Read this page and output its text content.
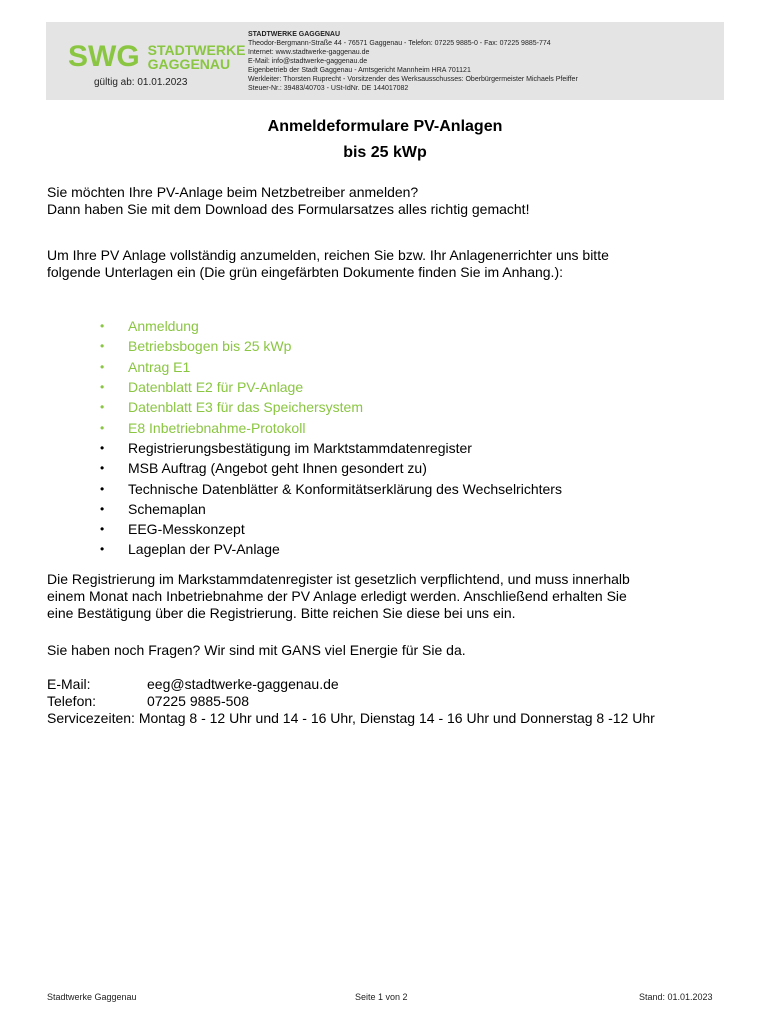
SWG STADTWERKE
GAGGENAU
gültig ab: 01.01.2023
STADTWERKE GAGGENAU
Theodor-Bergmann-Straße 44 - 76571 Gaggenau - Telefon: 07225 9885-0 - Fax: 07225 9885-774
Internet: www.stadtwerke-gaggenau.de
E-Mail: info@stadtwerke-gaggenau.de
Eigenbetrieb der Stadt Gaggenau - Amtsgericht Mannheim HRA 701121
Werkleiter: Thorsten Ruprecht - Vorsitzender des Werksausschusses: Oberbürgermeister Michaels Pfeiffer
Steuer-Nr.: 39483/40703 - USt-IdNr. DE 144017082
Anmeldeformulare PV-Anlagen
bis 25 kWp
Sie möchten Ihre PV-Anlage beim Netzbetreiber anmelden?
Dann haben Sie mit dem Download des Formularsatzes alles richtig gemacht!
Um Ihre PV Anlage vollständig anzumelden, reichen Sie bzw. Ihr Anlagenerrichter uns bitte
folgende Unterlagen ein (Die grün eingefärbten Dokumente finden Sie im Anhang.):
•	Anmeldung
•	Betriebsbogen bis 25 kWp
•	Antrag E1
•	Datenblatt E2 für PV-Anlage
•	Datenblatt E3 für das Speichersystem
•	E8 Inbetriebnahme-Protokoll
•	Registrierungsbestätigung im Marktstammdatenregister
•	MSB Auftrag (Angebot geht Ihnen gesondert zu)
•	Technische Datenblätter & Konformitätserklärung des Wechselrichters
•	Schemaplan
•	EEG-Messkonzept
•	Lageplan der PV-Anlage
Die Registrierung im Markstammdatenregister ist gesetzlich verpflichtend, und muss innerhalb
einem Monat nach Inbetriebnahme der PV Anlage erledigt werden. Anschließend erhalten Sie
eine Bestätigung über die Registrierung. Bitte reichen Sie diese bei uns ein.
Sie haben noch Fragen? Wir sind mit GANS viel Energie für Sie da.
E-Mail:	eeg@stadtwerke-gaggenau.de
Telefon:	07225 9885-508
Servicezeiten: Montag 8 - 12 Uhr und 14 - 16 Uhr, Dienstag 14 - 16 Uhr und Donnerstag 8 -12 Uhr
Stadtwerke Gaggenau	Seite 1 von 2	Stand: 01.01.2023
